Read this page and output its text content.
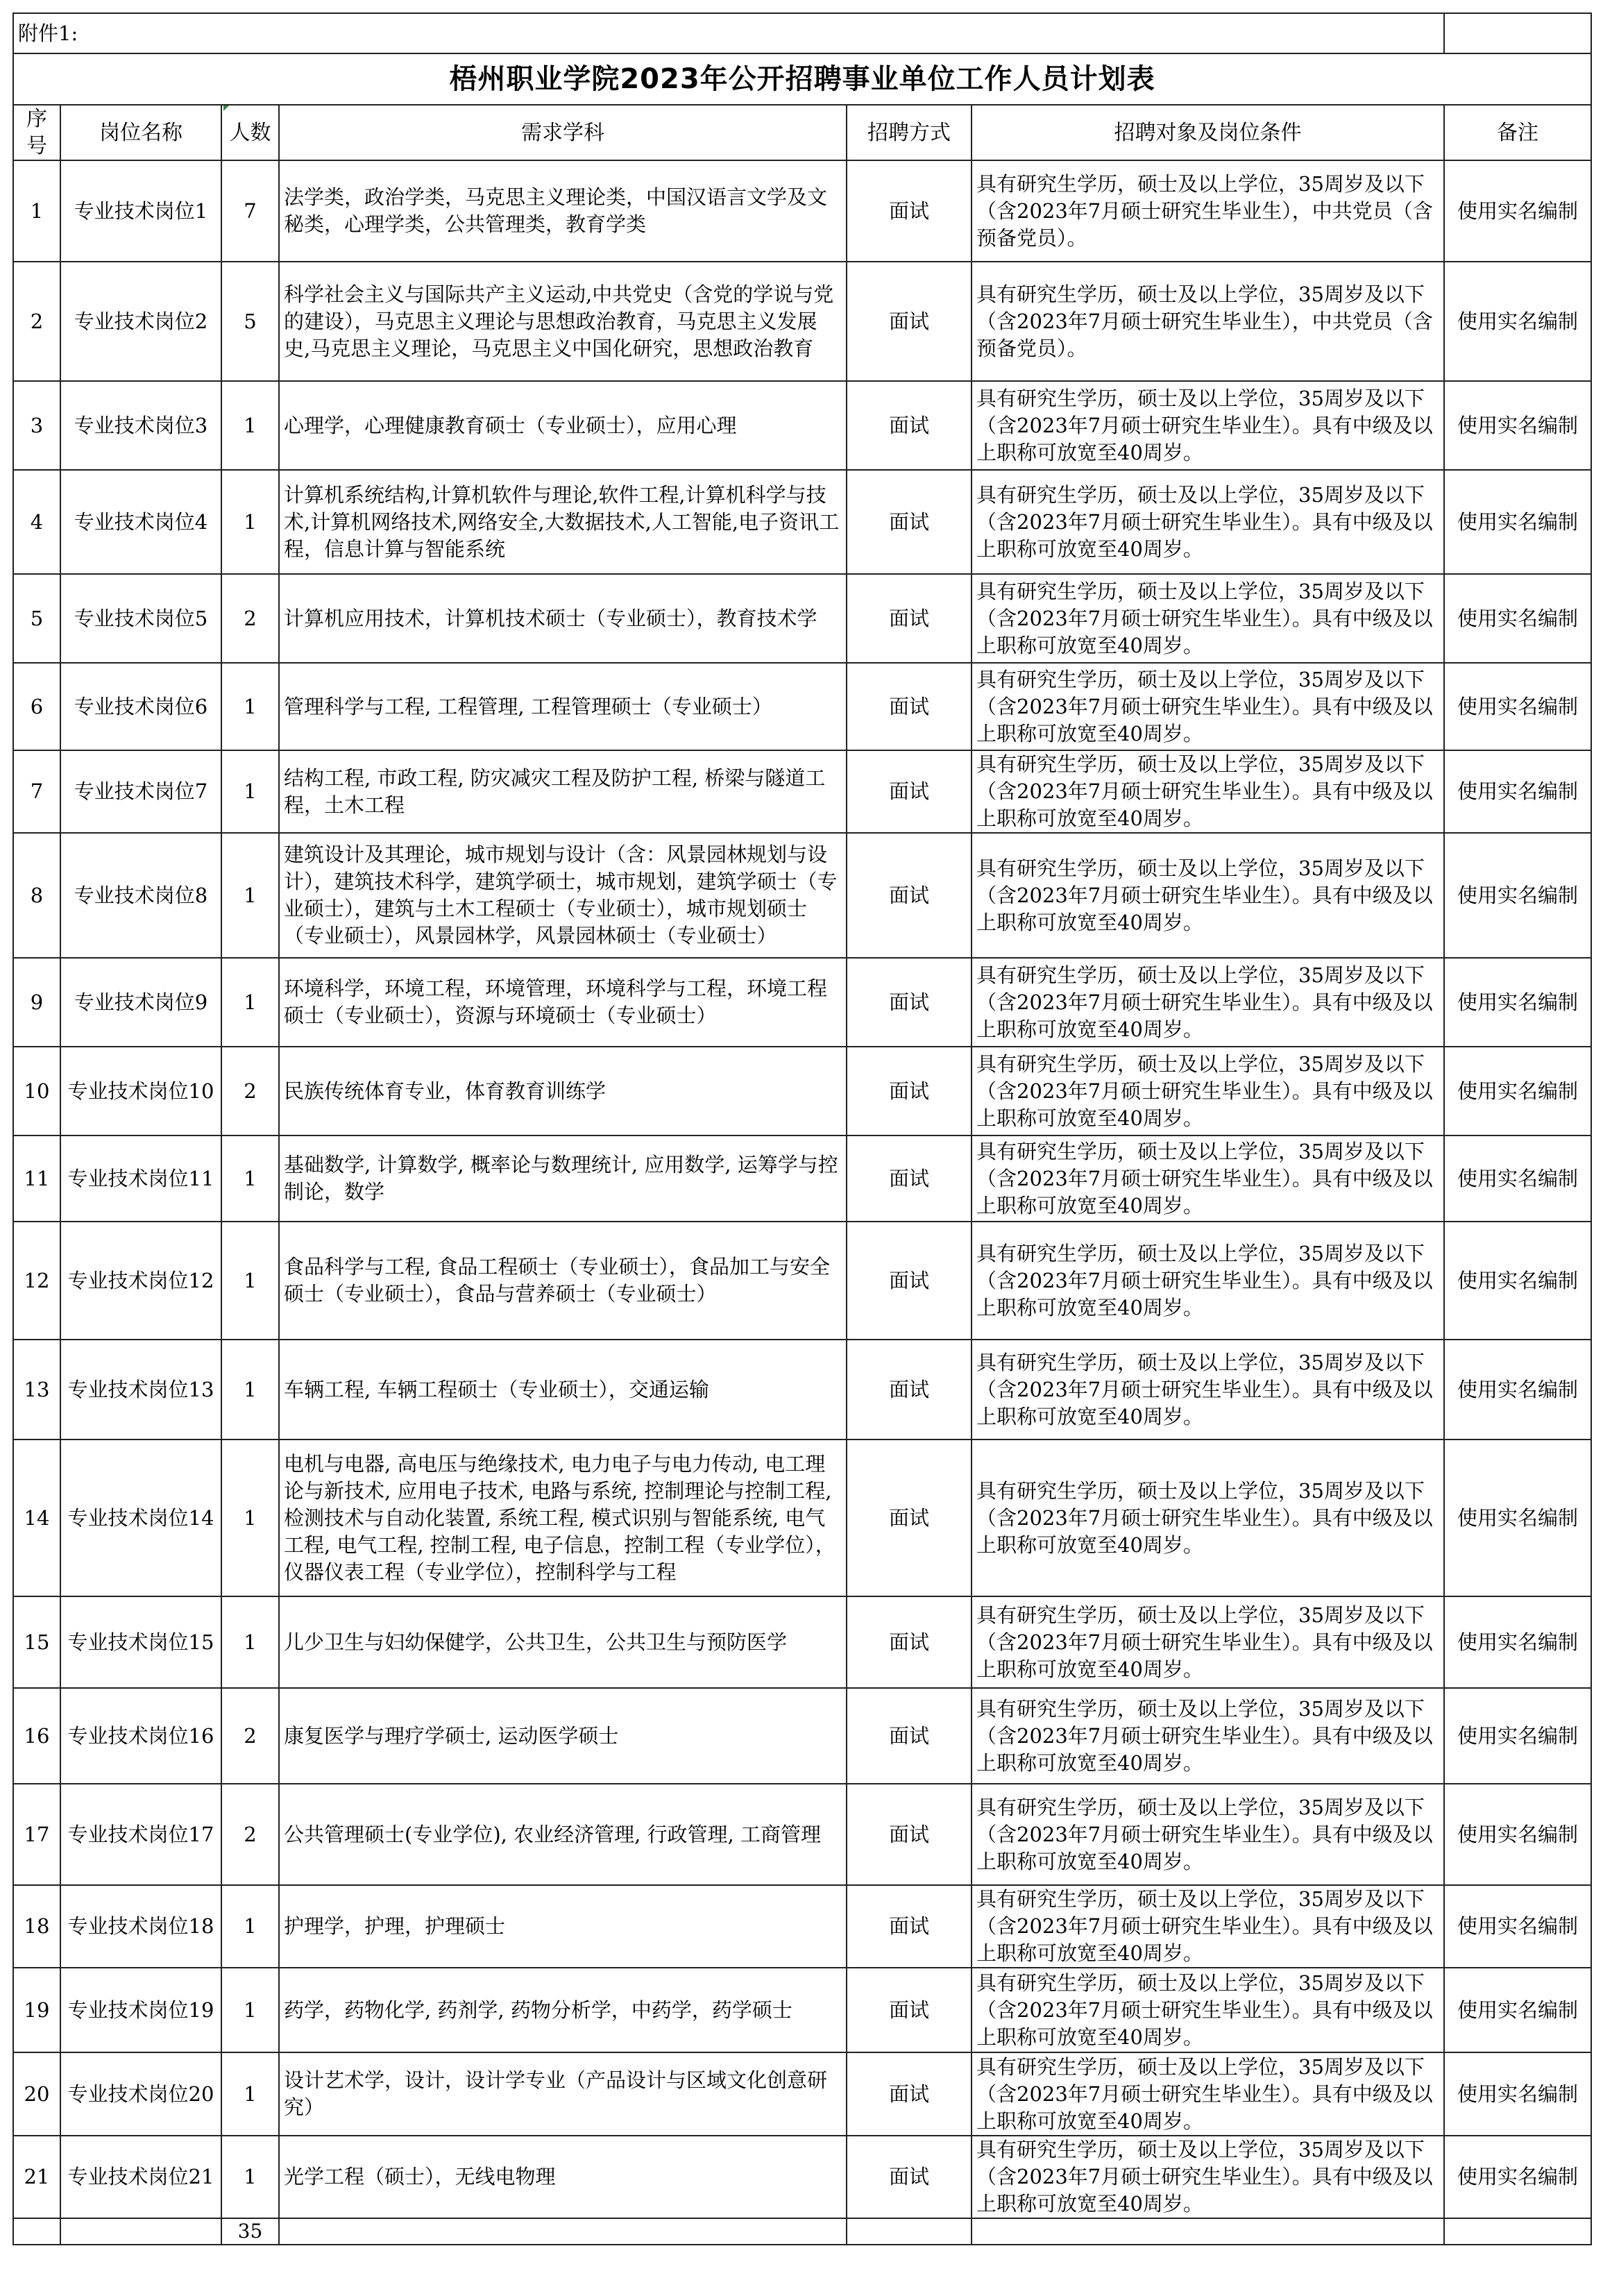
附件1:						
梧州职业学院2023年公开招聘事业单位工作人员计划表						
序号	岗位名称	人数	需求学科	招聘方式	招聘对象及岗位条件	备注
1	专业技术岗位1	7	法学类，政治学类，马克思主义理论类，中国汉语言文学及文秘类，心理学类，公共管理类，教育学类	面试	具有研究生学历，硕士及以上学位，35周岁及以下（含2023年7月硕士研究生毕业生），中共党员（含预备党员）。	使用实名编制
2	专业技术岗位2	5	科学社会主义与国际共产主义运动,中共党史（含党的学说与党的建设），马克思主义理论与思想政治教育，马克思主义发展史,马克思主义理论，马克思主义中国化研究，思想政治教育	面试	具有研究生学历，硕士及以上学位，35周岁及以下（含2023年7月硕士研究生毕业生），中共党员（含预备党员）。	使用实名编制
3	专业技术岗位3	1	心理学，心理健康教育硕士（专业硕士），应用心理	面试	具有研究生学历，硕士及以上学位，35周岁及以下（含2023年7月硕士研究生毕业生）。具有中级及以上职称可放宽至40周岁。	使用实名编制
4	专业技术岗位4	1	计算机系统结构,计算机软件与理论,软件工程,计算机科学与技术,计算机网络技术,网络安全,大数据技术,人工智能,电子资讯工程，信息计算与智能系统	面试	具有研究生学历，硕士及以上学位，35周岁及以下（含2023年7月硕士研究生毕业生）。具有中级及以上职称可放宽至40周岁。	使用实名编制
5	专业技术岗位5	2	计算机应用技术，计算机技术硕士（专业硕士），教育技术学	面试	具有研究生学历，硕士及以上学位，35周岁及以下（含2023年7月硕士研究生毕业生）。具有中级及以上职称可放宽至40周岁。	使用实名编制
6	专业技术岗位6	1	管理科学与工程, 工程管理, 工程管理硕士（专业硕士）	面试	具有研究生学历，硕士及以上学位，35周岁及以下（含2023年7月硕士研究生毕业生）。具有中级及以上职称可放宽至40周岁。	使用实名编制
7	专业技术岗位7	1	结构工程, 市政工程, 防灾减灾工程及防护工程, 桥梁与隧道工程，土木工程	面试	具有研究生学历，硕士及以上学位，35周岁及以下（含2023年7月硕士研究生毕业生）。具有中级及以上职称可放宽至40周岁。	使用实名编制
8	专业技术岗位8	1	建筑设计及其理论，城市规划与设计（含：风景园林规划与设计），建筑技术科学，建筑学硕士，城市规划，建筑学硕士（专业硕士），建筑与土木工程硕士（专业硕士），城市规划硕士（专业硕士），风景园林学，风景园林硕士（专业硕士）	面试	具有研究生学历，硕士及以上学位，35周岁及以下（含2023年7月硕士研究生毕业生）。具有中级及以上职称可放宽至40周岁。	使用实名编制
9	专业技术岗位9	1	环境科学，环境工程，环境管理，环境科学与工程，环境工程硕士（专业硕士），资源与环境硕士（专业硕士）	面试	具有研究生学历，硕士及以上学位，35周岁及以下（含2023年7月硕士研究生毕业生）。具有中级及以上职称可放宽至40周岁。	使用实名编制
10	专业技术岗位10	2	民族传统体育专业，体育教育训练学	面试	具有研究生学历，硕士及以上学位，35周岁及以下（含2023年7月硕士研究生毕业生）。具有中级及以上职称可放宽至40周岁。	使用实名编制
11	专业技术岗位11	1	基础数学, 计算数学, 概率论与数理统计, 应用数学, 运筹学与控制论，数学	面试	具有研究生学历，硕士及以上学位，35周岁及以下（含2023年7月硕士研究生毕业生）。具有中级及以上职称可放宽至40周岁。	使用实名编制
12	专业技术岗位12	1	食品科学与工程, 食品工程硕士（专业硕士），食品加工与安全硕士（专业硕士），食品与营养硕士（专业硕士）	面试	具有研究生学历，硕士及以上学位，35周岁及以下（含2023年7月硕士研究生毕业生）。具有中级及以上职称可放宽至40周岁。	使用实名编制
13	专业技术岗位13	1	车辆工程, 车辆工程硕士（专业硕士），交通运输	面试	具有研究生学历，硕士及以上学位，35周岁及以下（含2023年7月硕士研究生毕业生）。具有中级及以上职称可放宽至40周岁。	使用实名编制
14	专业技术岗位14	1	电机与电器, 高电压与绝缘技术, 电力电子与电力传动, 电工理论与新技术, 应用电子技术, 电路与系统, 控制理论与控制工程, 检测技术与自动化装置, 系统工程, 模式识别与智能系统, 电气工程, 电气工程, 控制工程, 电子信息，控制工程（专业学位），仪器仪表工程（专业学位），控制科学与工程	面试	具有研究生学历，硕士及以上学位，35周岁及以下（含2023年7月硕士研究生毕业生）。具有中级及以上职称可放宽至40周岁。	使用实名编制
15	专业技术岗位15	1	儿少卫生与妇幼保健学，公共卫生，公共卫生与预防医学	面试	具有研究生学历，硕士及以上学位，35周岁及以下（含2023年7月硕士研究生毕业生）。具有中级及以上职称可放宽至40周岁。	使用实名编制
16	专业技术岗位16	2	康复医学与理疗学硕士, 运动医学硕士	面试	具有研究生学历，硕士及以上学位，35周岁及以下（含2023年7月硕士研究生毕业生）。具有中级及以上职称可放宽至40周岁。	使用实名编制
17	专业技术岗位17	2	公共管理硕士(专业学位), 农业经济管理, 行政管理, 工商管理	面试	具有研究生学历，硕士及以上学位，35周岁及以下（含2023年7月硕士研究生毕业生）。具有中级及以上职称可放宽至40周岁。	使用实名编制
18	专业技术岗位18	1	护理学，护理，护理硕士	面试	具有研究生学历，硕士及以上学位，35周岁及以下（含2023年7月硕士研究生毕业生）。具有中级及以上职称可放宽至40周岁。	使用实名编制
19	专业技术岗位19	1	药学，药物化学, 药剂学, 药物分析学，中药学，药学硕士	面试	具有研究生学历，硕士及以上学位，35周岁及以下（含2023年7月硕士研究生毕业生）。具有中级及以上职称可放宽至40周岁。	使用实名编制
20	专业技术岗位20	1	设计艺术学，设计，设计学专业（产品设计与区域文化创意研究）	面试	具有研究生学历，硕士及以上学位，35周岁及以下（含2023年7月硕士研究生毕业生）。具有中级及以上职称可放宽至40周岁。	使用实名编制
21	专业技术岗位21	1	光学工程（硕士），无线电物理	面试	具有研究生学历，硕士及以上学位，35周岁及以下（含2023年7月硕士研究生毕业生）。具有中级及以上职称可放宽至40周岁。	使用实名编制
		35				
